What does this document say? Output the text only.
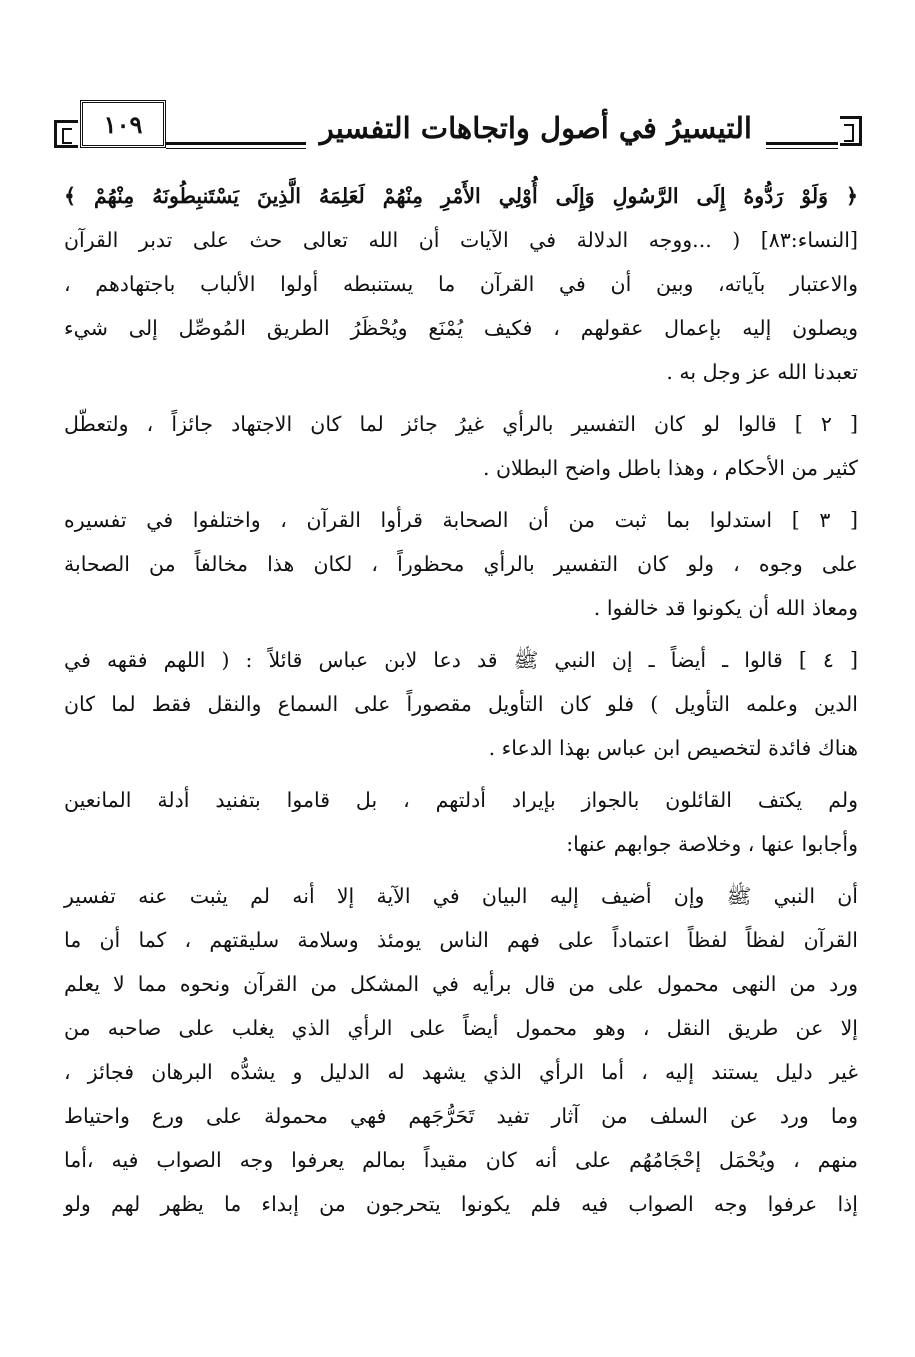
التيسيرُ في أصول واتجاهات التفسير
١٠٩
﴿ وَلَوْ رَدُّوهُ إِلَى الرَّسُولِ وَإِلَى أُوْلِي الأَمْرِ مِنْهُمْ لَعَلِمَهُ الَّذِينَ يَسْتَنبِطُونَهُ مِنْهُمْ ﴾
[النساء:٨٣] ( ...ووجه الدلالة في الآيات أن الله تعالى حث على تدبر القرآن
والاعتبار بآياته، وبين أن في القرآن ما يستنبطه أولوا الألباب باجتهادهم ،
ويصلون إليه بإعمال عقولهم ، فكيف يُمْنَع ويُحْظَرُ الطريق المُوصِّل إلى شيء
تعبدنا الله عز وجل به .
[ ٢ ] قالوا لو كان التفسير بالرأي غيرُ جائز لما كان الاجتهاد جائزاً ، ولتعطّل
كثير من الأحكام ، وهذا باطل واضح البطلان .
[ ٣ ] استدلوا بما ثبت من أن الصحابة قرأوا القرآن ، واختلفوا في تفسيره
على وجوه ، ولو كان التفسير بالرأي محظوراً ، لكان هذا مخالفاً من الصحابة
ومعاذ الله أن يكونوا قد خالفوا .
[ ٤ ] قالوا ـ أيضاً ـ إن النبي ﷺ قد دعا لابن عباس قائلاً : ( اللهم فقهه في
الدين وعلمه التأويل ) فلو كان التأويل مقصوراً على السماع والنقل فقط لما كان
هناك فائدة لتخصيص ابن عباس بهذا الدعاء .
ولم يكتف القائلون بالجواز بإيراد أدلتهم ، بل قاموا بتفنيد أدلة المانعين
وأجابوا عنها ، وخلاصة جوابهم عنها:
أن النبي ﷺ وإن أضيف إليه البيان في الآية إلا أنه لم يثبت عنه تفسير
القرآن لفظاً لفظاً اعتماداً على فهم الناس يومئذ وسلامة سليقتهم ، كما أن ما
ورد من النهى محمول على من قال برأيه في المشكل من القرآن ونحوه مما لا يعلم
إلا عن طريق النقل ، وهو محمول أيضاً على الرأي الذي يغلب على صاحبه من
غير دليل يستند إليه ، أما الرأي الذي يشهد له الدليل و يشدُّه البرهان فجائز ،
وما ورد عن السلف من آثار تفيد تَحَرُّجَهم فهي محمولة على ورع واحتياط
منهم ، ويُحْمَل إحْجَامُهُم على أنه كان مقيداً بمالم يعرفوا وجه الصواب فيه ،أما
إذا عرفوا وجه الصواب فيه فلم يكونوا يتحرجون من إبداء ما يظهر لهم ولو
